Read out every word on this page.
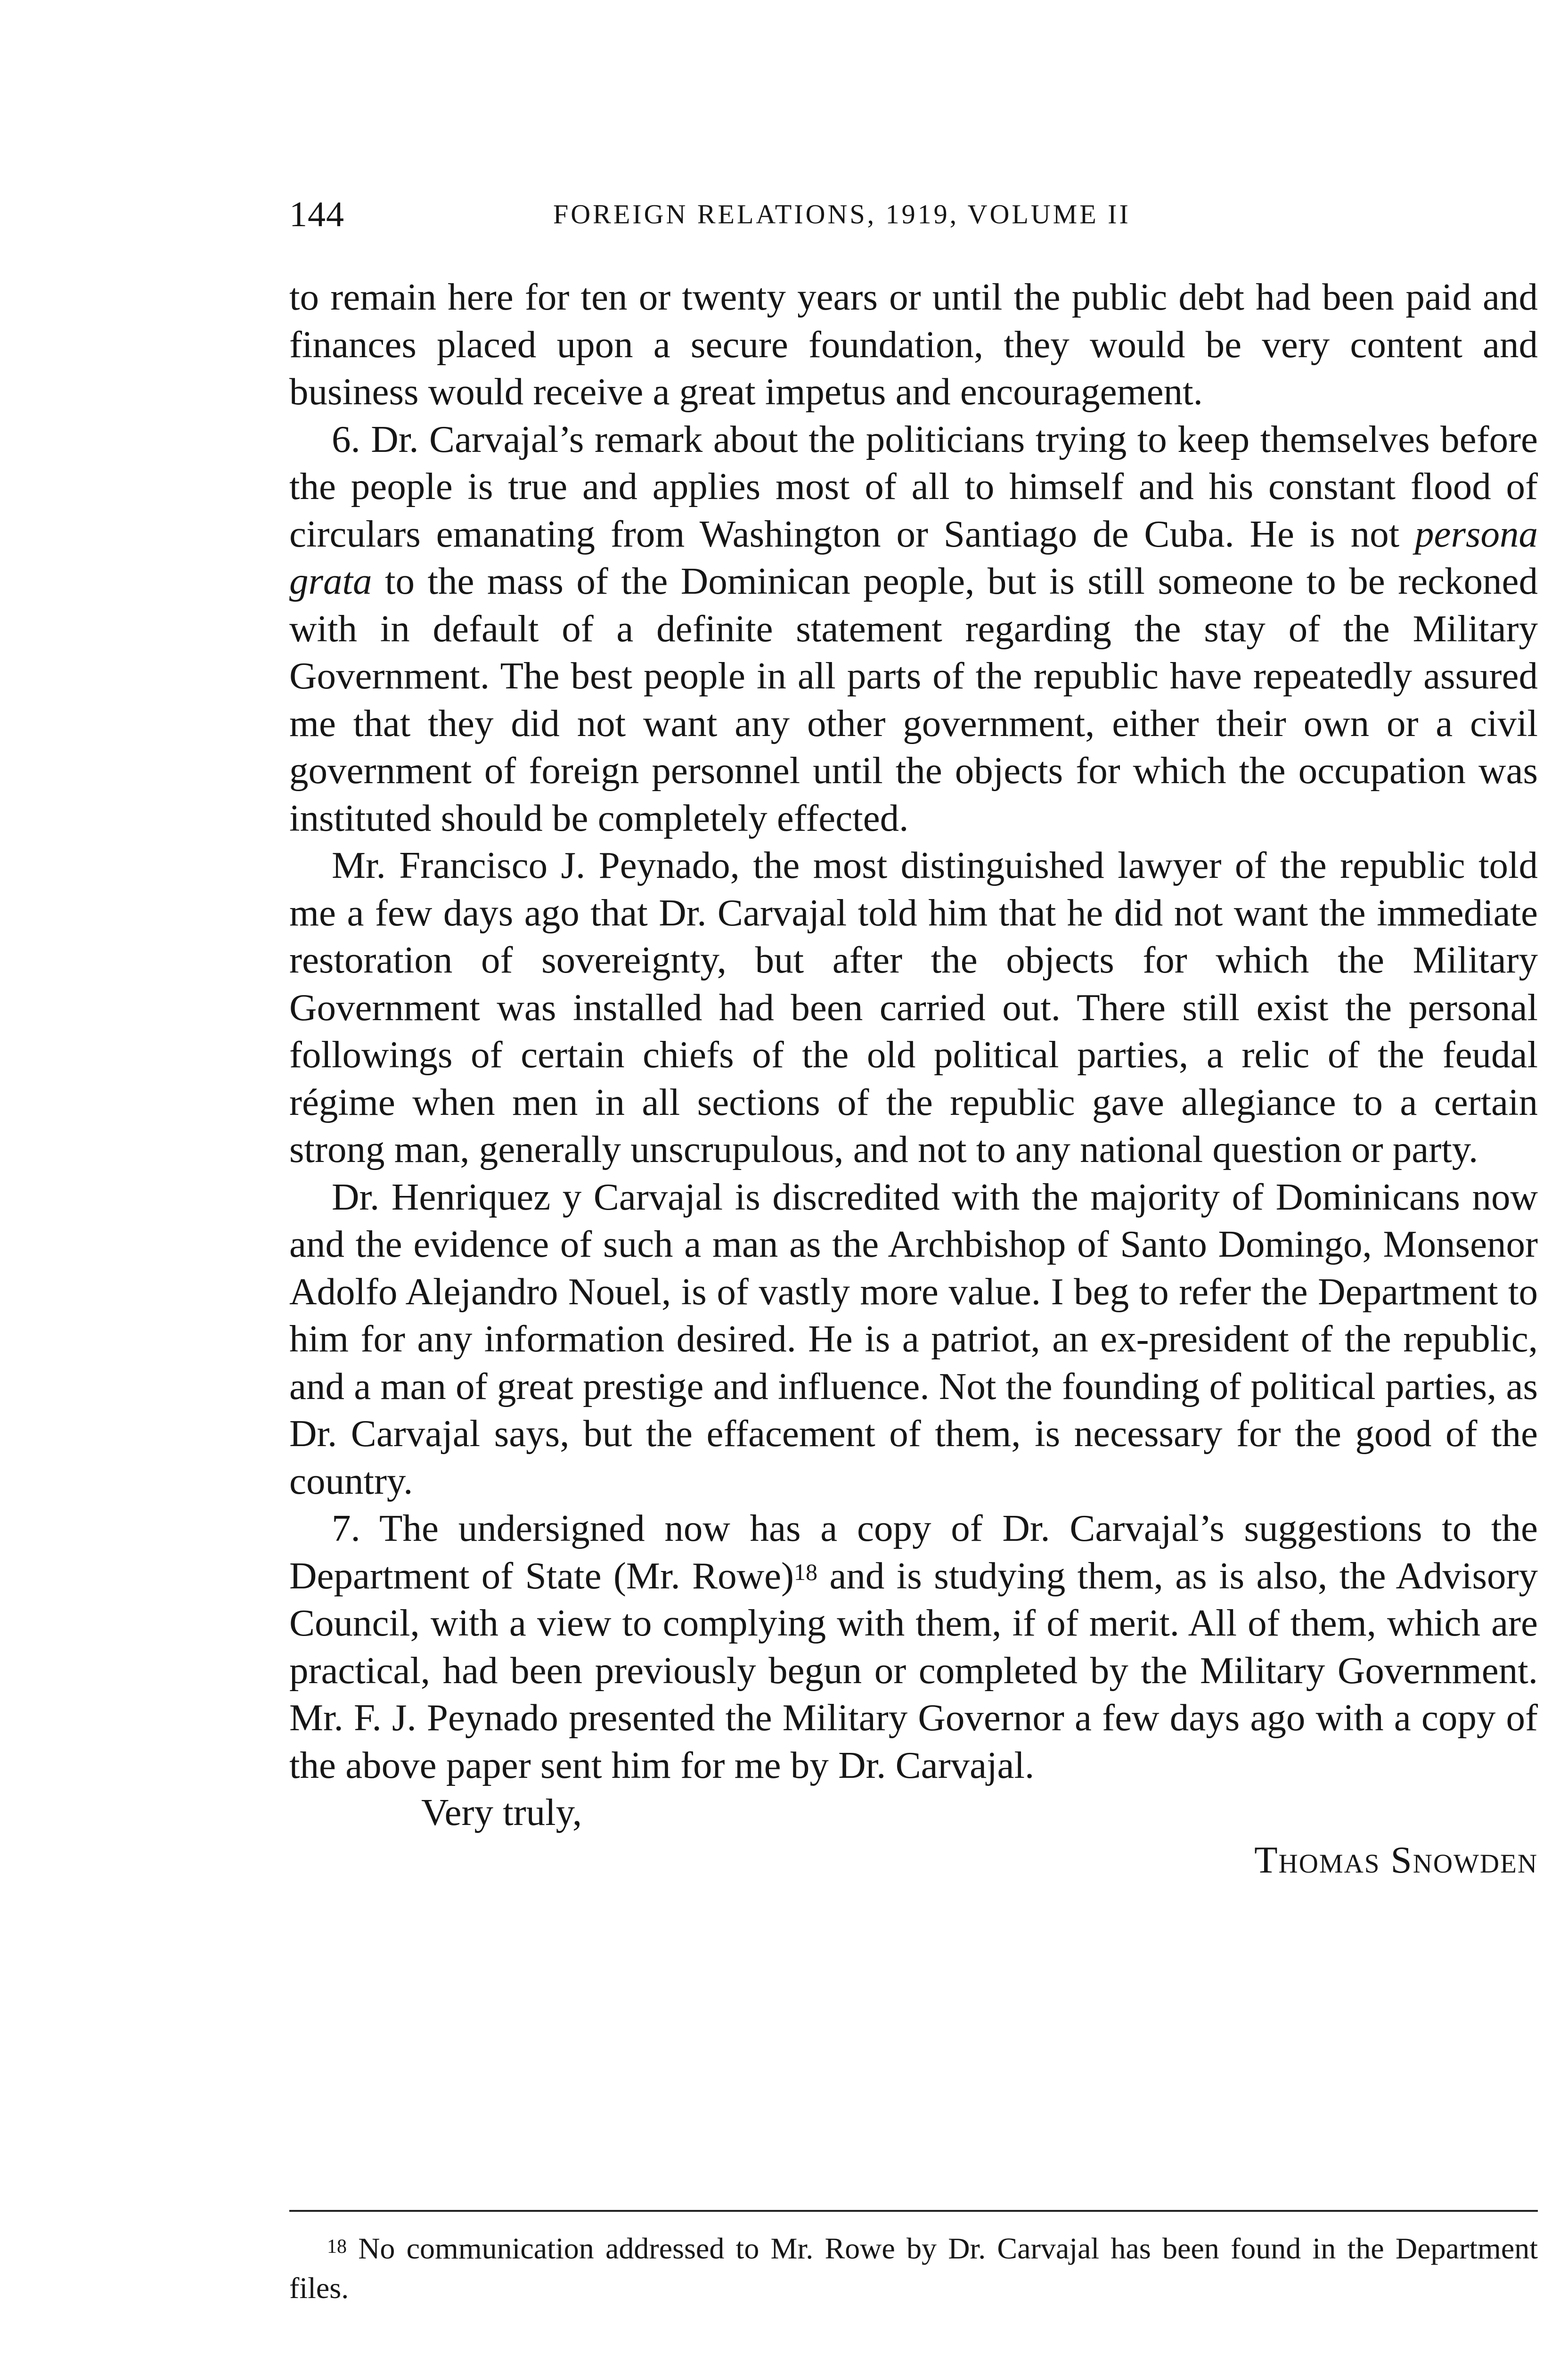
144	FOREIGN RELATIONS, 1919, VOLUME II

to remain here for ten or twenty years or until the public debt had been paid and finances placed upon a secure foundation, they would be very content and business would receive a great impetus and encouragement.

6. Dr. Carvajal’s remark about the politicians trying to keep themselves before the people is true and applies most of all to himself and his constant flood of circulars emanating from Washington or Santiago de Cuba. He is not persona grata to the mass of the Dominican people, but is still someone to be reckoned with in default of a definite statement regarding the stay of the Military Government. The best people in all parts of the republic have repeatedly assured me that they did not want any other government, either their own or a civil government of foreign personnel until the objects for which the occupation was instituted should be completely effected.

Mr. Francisco J. Peynado, the most distinguished lawyer of the republic told me a few days ago that Dr. Carvajal told him that he did not want the immediate restoration of sovereignty, but after the objects for which the Military Government was installed had been carried out. There still exist the personal followings of certain chiefs of the old political parties, a relic of the feudal régime when men in all sections of the republic gave allegiance to a certain strong man, generally unscrupulous, and not to any national question or party.

Dr. Henriquez y Carvajal is discredited with the majority of Dominicans now and the evidence of such a man as the Archbishop of Santo Domingo, Monsenor Adolfo Alejandro Nouel, is of vastly more value. I beg to refer the Department to him for any information desired. He is a patriot, an ex-president of the republic, and a man of great prestige and influence. Not the founding of political parties, as Dr. Carvajal says, but the effacement of them, is necessary for the good of the country.

7. The undersigned now has a copy of Dr. Carvajal’s suggestions to the Department of State (Mr. Rowe)$^{18}$ and is studying them, as is also, the Advisory Council, with a view to complying with them, if of merit. All of them, which are practical, had been previously begun or completed by the Military Government. Mr. F. J. Peynado presented the Military Governor a few days ago with a copy of the above paper sent him for me by Dr. Carvajal.

Very truly,

Thomas Snowden

$^{18}$ No communication addressed to Mr. Rowe by Dr. Carvajal has been found in the Department files.
